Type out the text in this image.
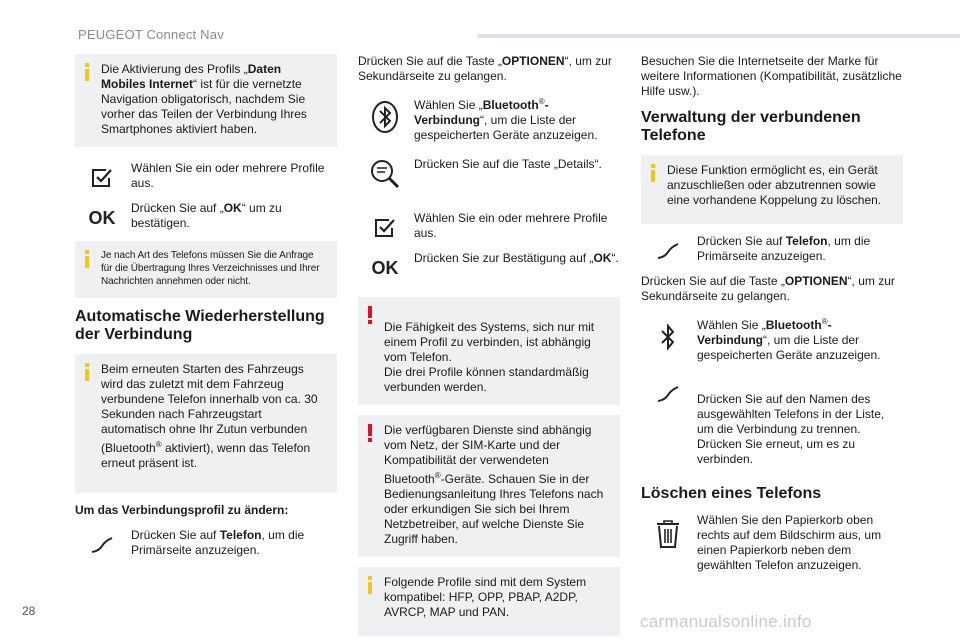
PEUGEOT Connect Nav
Die Aktivierung des Profils „Daten Mobiles Internet“ ist für die vernetzte Navigation obligatorisch, nachdem Sie vorher das Teilen der Verbindung Ihres Smartphones aktiviert haben.
Wählen Sie ein oder mehrere Profile aus.
OK Drücken Sie auf „OK“ um zu bestätigen.
Je nach Art des Telefons müssen Sie die Anfrage für die Übertragung Ihres Verzeichnisses und Ihrer Nachrichten annehmen oder nicht.
Automatische Wiederherstellung der Verbindung
Beim erneuten Starten des Fahrzeugs wird das zuletzt mit dem Fahrzeug verbundene Telefon innerhalb von ca. 30 Sekunden nach Fahrzeugstart automatisch ohne Ihr Zutun verbunden (Bluetooth® aktiviert), wenn das Telefon erneut präsent ist.
Um das Verbindungsprofil zu ändern:
Drücken Sie auf Telefon, um die Primärseite anzuzeigen.
Drücken Sie auf die Taste „OPTIONEN“, um zur Sekundärseite zu gelangen.
Wählen Sie „Bluetooth®-Verbindung“, um die Liste der gespeicherten Geräte anzuzeigen.
Drücken Sie auf die Taste „Details“.
Wählen Sie ein oder mehrere Profile aus.
OK Drücken Sie zur Bestätigung auf „OK“.

Die Fähigkeit des Systems, sich nur mit einem Profil zu verbinden, ist abhängig vom Telefon.
Die drei Profile können standardmäßig verbunden werden.
Die verfügbaren Dienste sind abhängig vom Netz, der SIM-Karte und der Kompatibilität der verwendeten Bluetooth®-Geräte. Schauen Sie in der Bedienungsanleitung Ihres Telefons nach oder erkundigen Sie sich bei Ihrem Netzbetreiber, auf welche Dienste Sie Zugriff haben.
Folgende Profile sind mit dem System kompatibel: HFP, OPP, PBAP, A2DP, AVRCP, MAP und PAN.
Besuchen Sie die Internetseite der Marke für weitere Informationen (Kompatibilität, zusätzliche Hilfe usw.).
Verwaltung der verbundenen Telefone
Diese Funktion ermöglicht es, ein Gerät anzuschließen oder abzutrennen sowie eine vorhandene Koppelung zu löschen.
Drücken Sie auf Telefon, um die Primärseite anzuzeigen.
Drücken Sie auf die Taste „OPTIONEN“, um zur Sekundärseite zu gelangen.
Wählen Sie „Bluetooth®-Verbindung“, um die Liste der gespeicherten Geräte anzuzeigen.

Drücken Sie auf den Namen des ausgewählten Telefons in der Liste, um die Verbindung zu trennen.
Drücken Sie erneut, um es zu verbinden.
Löschen eines Telefons
Wählen Sie den Papierkorb oben rechts auf dem Bildschirm aus, um einen Papierkorb neben dem gewählten Telefon anzuzeigen.
28
carmanualsonline.info
